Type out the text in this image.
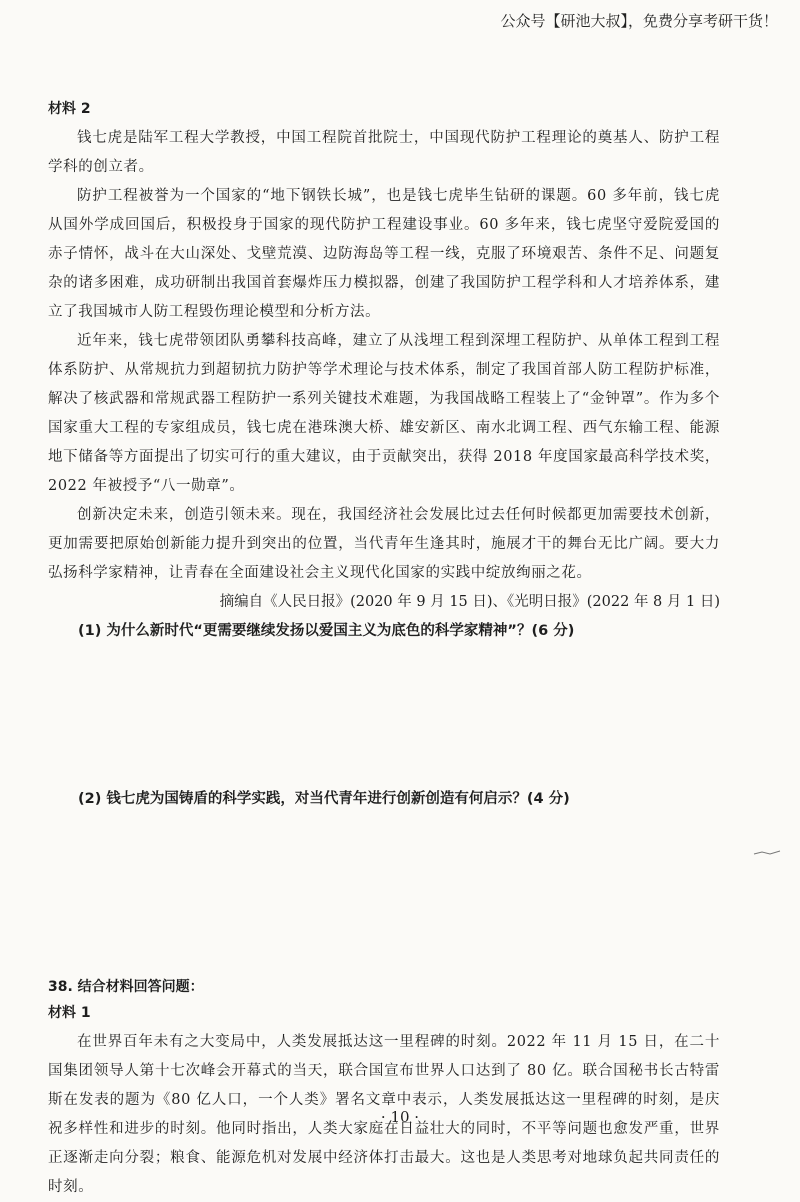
公众号【研池大叔】，免费分享考研干货！

材料 2

钱七虎是陆军工程大学教授，中国工程院首批院士，中国现代防护工程理论的奠基人、防护工程学科的创立者。

防护工程被誉为一个国家的“地下钢铁长城”，也是钱七虎毕生钻研的课题。60 多年前，钱七虎从国外学成回国后，积极投身于国家的现代防护工程建设事业。60 多年来，钱七虎坚守爱院爱国的赤子情怀，战斗在大山深处、戈壁荒漠、边防海岛等工程一线，克服了环境艰苦、条件不足、问题复杂的诸多困难，成功研制出我国首套爆炸压力模拟器，创建了我国防护工程学科和人才培养体系，建立了我国城市人防工程毁伤理论模型和分析方法。

近年来，钱七虎带领团队勇攀科技高峰，建立了从浅埋工程到深埋工程防护、从单体工程到工程体系防护、从常规抗力到超韧抗力防护等学术理论与技术体系，制定了我国首部人防工程防护标准，解决了核武器和常规武器工程防护一系列关键技术难题，为我国战略工程装上了“金钟罩”。作为多个国家重大工程的专家组成员，钱七虎在港珠澳大桥、雄安新区、南水北调工程、西气东输工程、能源地下储备等方面提出了切实可行的重大建议，由于贡献突出，获得 2018 年度国家最高科学技术奖，2022 年被授予“八一勋章”。

创新决定未来，创造引领未来。现在，我国经济社会发展比过去任何时候都更加需要技术创新，更加需要把原始创新能力提升到突出的位置，当代青年生逢其时，施展才干的舞台无比广阔。要大力弘扬科学家精神，让青春在全面建设社会主义现代化国家的实践中绽放绚丽之花。

摘编自《人民日报》(2020 年 9 月 15 日)、《光明日报》(2022 年 8 月 1 日)

(1) 为什么新时代“更需要继续发扬以爱国主义为底色的科学家精神”？(6 分)

(2) 钱七虎为国铸盾的科学实践，对当代青年进行创新创造有何启示？(4 分)

38. 结合材料回答问题：

材料 1

在世界百年未有之大变局中，人类发展抵达这一里程碑的时刻。2022 年 11 月 15 日，在二十国集团领导人第十七次峰会开幕式的当天，联合国宣布世界人口达到了 80 亿。联合国秘书长古特雷斯在发表的题为《80 亿人口，一个人类》署名文章中表示，人类发展抵达这一里程碑的时刻，是庆祝多样性和进步的时刻。他同时指出，人类大家庭在日益壮大的同时，不平等问题也愈发严重，世界正逐渐走向分裂；粮食、能源危机对发展中经济体打击最大。这也是人类思考对地球负起共同责任的时刻。

· 10 ·
